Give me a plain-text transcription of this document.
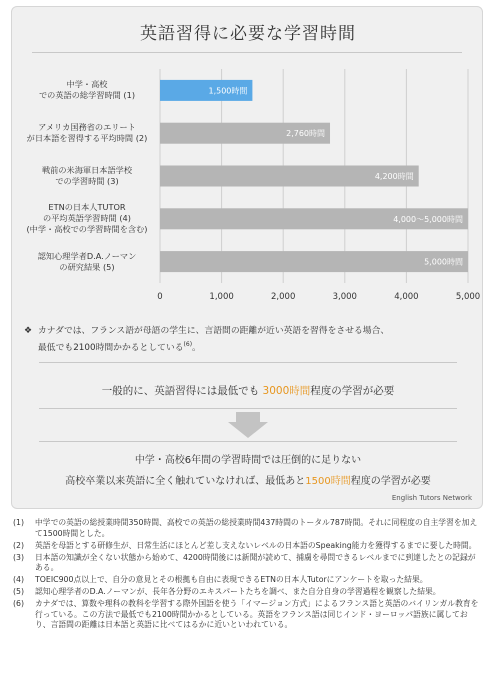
英語習得に必要な学習時間
中学・高校
での英語の総学習時間 (1)
アメリカ国務省のエリート
が日本語を習得する平均時間 (2)
戦前の米海軍日本語学校
での学習時間 (3)
ETNの日本人TUTOR
の平均英語学習時間 (4)
(中学・高校での学習時間を含む)
認知心理学者D.A.ノーマン
の研究結果 (5)
0	1,000	2,000	3,000	4,000	5,000
1,500時間
2,760時間
4,200時間
4,000～5,000時間
5,000時間
❖ カナダでは、フランス語が母語の学生に、言語間の距離が近い英語を習得をさせる場合、
最低でも2100時間かかるとしている$^{(6)}$。
一般的に、英語習得には最低でも 3000時間程度の学習が必要
中学・高校6年間の学習時間では圧倒的に足りない
高校卒業以来英語に全く触れていなければ、最低あと1500時間程度の学習が必要
English Tutors Network
(1) 中学での英語の総授業時間350時間、高校での英語の総授業時間437時間のトータル787時間。それに同程度の自主学習を加えて1500時間とした。
(2) 英語を母語とする研修生が、日常生活にほとんど差し支えないレベルの日本語のSpeaking能力を獲得するまでに要した時間。
(3) 日本語の知識が全くない状態から始めて、4200時間後には新聞が読めて、捕虜を尋問できるレベルまでに到達したとの記録がある。
(4) TOEIC900点以上で、自分の意見とその根拠も自由に表現できるETNの日本人Tutorにアンケートを取った結果。
(5) 認知心理学者のD.A.ノーマンが、長年各分野のエキスパートたちを調べ、また自分自身の学習過程を観察した結果。
(6) カナダでは、算数や理科の教科を学習する際外国語を使う「イマージョン方式」によるフランス語と英語のバイリンガル教育を行っている。この方法で最低でも2100時間かかるとしている。英語をフランス語は同じインド・ヨーロッパ語族に属しており、言語間の距離は日本語と英語に比べてはるかに近いといわれている。
